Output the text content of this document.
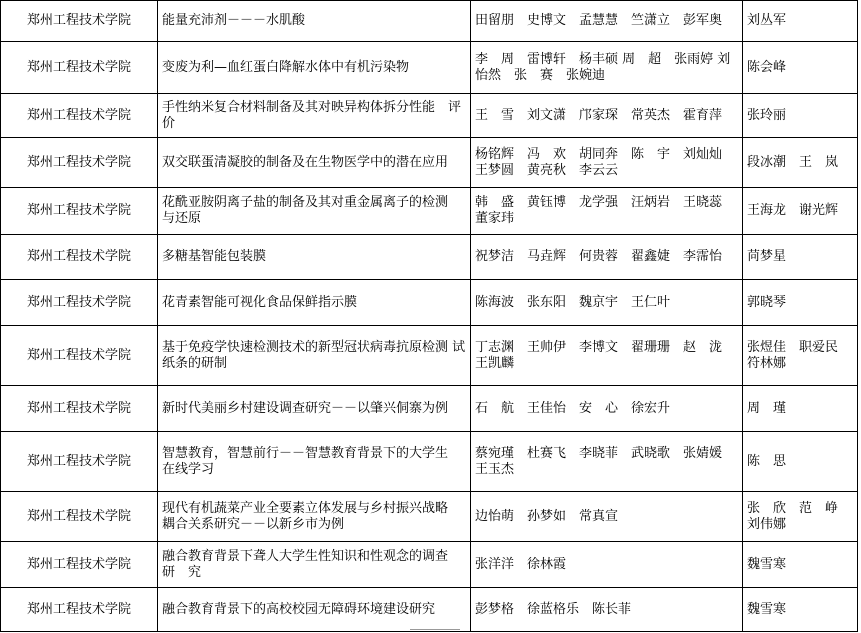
郑州工程技术学院	能量充沛剂－－－水肌酸	田留朋　史博文　孟慧慧　竺潇立　彭军奥	刘丛军
郑州工程技术学院	变废为利—血红蛋白降解水体中有机污染物	李　周　雷博轩　杨丰硕 周　超　张雨婷 刘怡然　张　赛　张婉迪	陈会峰
郑州工程技术学院	手性纳米复合材料制备及其对映异构体拆分性能　评价	王　雪　刘文潇　邝家琛　常英杰　霍育萍	张玲丽
郑州工程技术学院	双交联蛋清凝胶的制备及在生物医学中的潜在应用	杨铭辉　冯　欢　胡同奔　陈　宇　刘灿灿 王梦圆　黄亮秋　李云云	段冰潮　王　岚
郑州工程技术学院	花酰亚胺阴离子盐的制备及其对重金属离子的检测　与还原	韩　盛　黄钰博　龙学强　汪炳岩　王晓蕊 董家玮	王海龙　谢光辉
郑州工程技术学院	多糖基智能包装膜	祝梦洁　马垚辉　何贵蓉　翟鑫婕　李霈怡	苘梦星
郑州工程技术学院	花青素智能可视化食品保鲜指示膜	陈海波　张东阳　魏京宇　王仁叶	郭晓琴
郑州工程技术学院	基于免疫学快速检测技术的新型冠状病毒抗原检测 试纸条的研制	丁志渊　王帅伊　李博文　翟珊珊　赵　泷 王凯麟	张煜佳　职爱民 符林娜
郑州工程技术学院	新时代美丽乡村建设调查研究－－以肇兴侗寨为例	石　航　王佳怡　安　心　徐宏升	周　瑾
郑州工程技术学院	智慧教育，智慧前行－－智慧教育背景下的大学生　在线学习	蔡宛瑾　杜赛飞　李晓菲　武晓歌　张婧媛 王玉杰	陈　思
郑州工程技术学院	现代有机蔬菜产业全要素立体发展与乡村振兴战略　耦合关系研究－－以新乡市为例	边怡萌　孙梦如　常真宣	张　欣　范　峥 刘伟娜
郑州工程技术学院	融合教育背景下聋人大学生性知识和性观念的调查　研　究	张洋洋　徐林霞	魏雪寒
郑州工程技术学院	融合教育背景下的高校校园无障碍环境建设研究	彭梦格　徐蓝格乐　陈长菲	魏雪寒
